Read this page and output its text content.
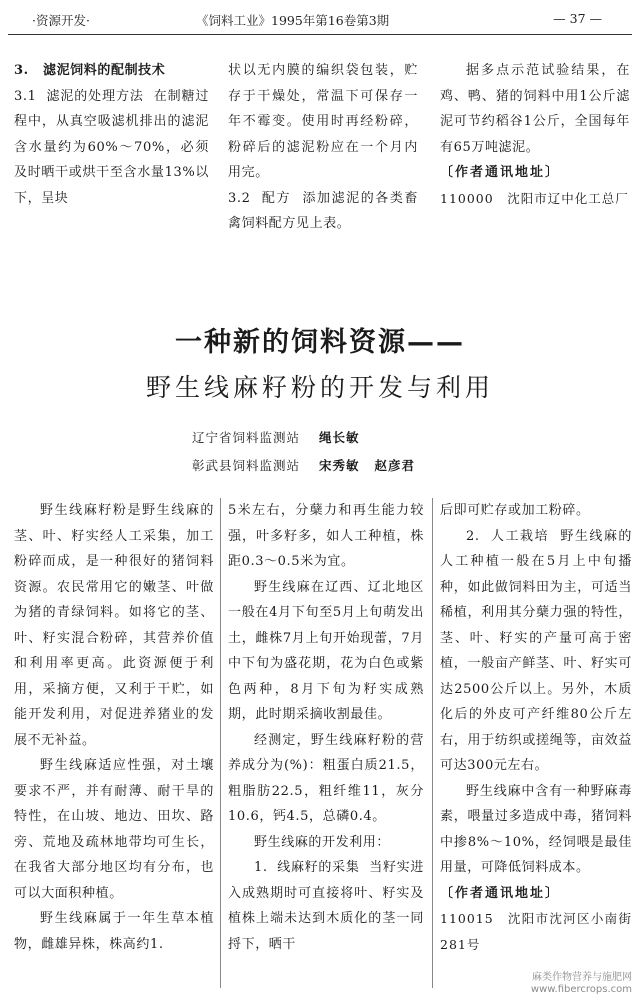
·资源开发·	《饲料工业》1995年第16卷第3期	— 37 —

3. 滤泥饲料的配制技术

3.1 滤泥的处理方法 在制糖过程中，从真空吸滤机排出的滤泥含水量约为60%～70%，必须及时晒干或烘干至含水量13%以下，呈块

状以无内膜的编织袋包装，贮存于干燥处，常温下可保存一年不霉变。使用时再经粉碎，粉碎后的滤泥粉应在一个月内用完。

3.2 配方 添加滤泥的各类畜禽饲料配方见上表。

据多点示范试验结果，在鸡、鸭、猪的饲料中用1公斤滤泥可节约稻谷1公斤，全国每年有65万吨滤泥。

〔作者通讯地址〕

110000　沈阳市辽中化工总厂

一种新的饲料资源——
野生线麻籽粉的开发与利用
辽宁省饲料监测站 绳长敏
彰武县饲料监测站 宋秀敏 赵彦君

野生线麻籽粉是野生线麻的茎、叶、籽实经人工采集，加工粉碎而成，是一种很好的猪饲料资源。农民常用它的嫩茎、叶做为猪的青绿饲料。如将它的茎、叶、籽实混合粉碎，其营养价值和利用率更高。此资源便于利用，采摘方便，又利于干贮，如能开发利用，对促进养猪业的发展不无补益。

野生线麻适应性强，对土壤要求不严，并有耐薄、耐干旱的特性，在山坡、地边、田坎、路旁、荒地及疏林地带均可生长，在我省大部分地区均有分布，也可以大面积种植。

野生线麻属于一年生草本植物，雌雄异株，株高约1.

5米左右，分蘖力和再生能力较强，叶多籽多，如人工种植，株距0.3～0.5米为宜。

野生线麻在辽西、辽北地区一般在4月下旬至5月上旬萌发出土，雌株7月上旬开始现蕾，7月中下旬为盛花期，花为白色或紫色两种，8月下旬为籽实成熟期，此时期采摘收割最佳。

经测定，野生线麻籽粉的营养成分为(%)：粗蛋白质21.5，粗脂肪22.5，粗纤维11，灰分10.6，钙4.5，总磷0.4。

野生线麻的开发利用：

1. 线麻籽的采集 当籽实进入成熟期时可直接将叶、籽实及植株上端未达到木质化的茎一同捋下，晒干

后即可贮存或加工粉碎。

2. 人工栽培 野生线麻的人工种植一般在5月上中旬播种，如此做饲料田为主，可适当稀植，利用其分蘖力强的特性，茎、叶、籽实的产量可高于密植，一般亩产鲜茎、叶、籽实可达2500公斤以上。另外，木质化后的外皮可产纤维80公斤左右，用于纺织或搓绳等，亩效益可达300元左右。

野生线麻中含有一种野麻毒素，喂量过多造成中毒，猪饲料中掺8%～10%，经饲喂是最佳用量，可降低饲料成本。

〔作者通讯地址〕

110015　沈阳市沈河区小南街281号

麻类作物营养与施肥网
www.fibercrops.com
